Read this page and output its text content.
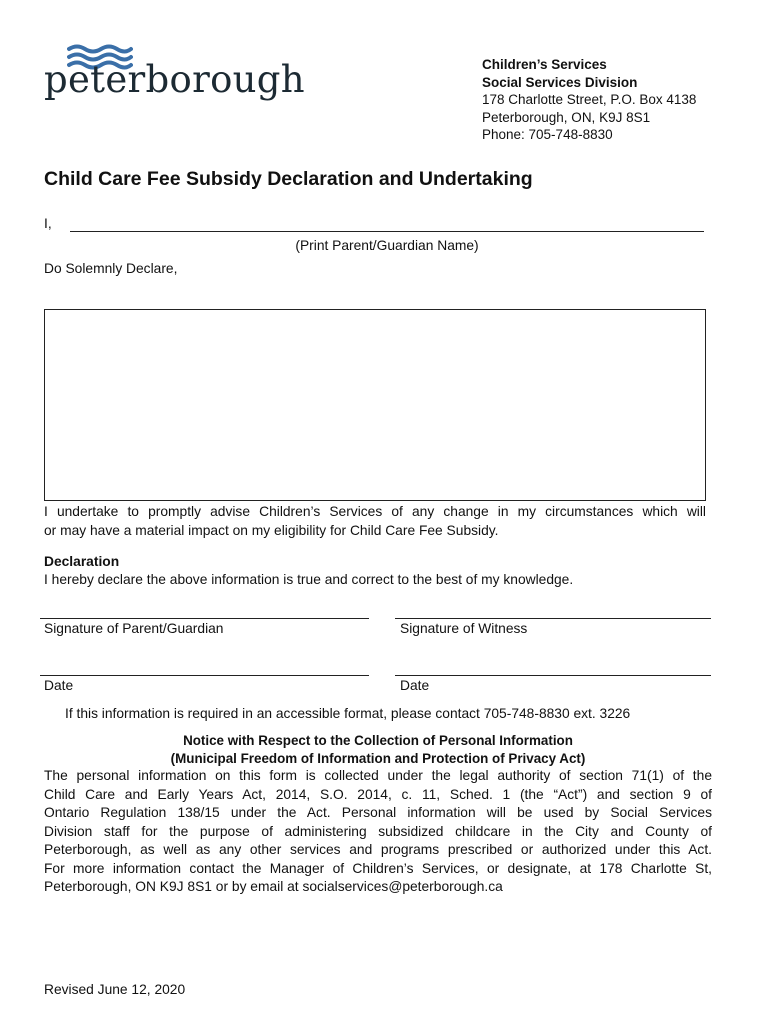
peterborough	Children’s Services
Social Services Division
178 Charlotte Street, P.O. Box 4138
Peterborough, ON, K9J 8S1
Phone: 705-748-8830
Child Care Fee Subsidy Declaration and Undertaking
I,
(Print Parent/Guardian Name)
Do Solemnly Declare,
I undertake to promptly advise Children’s Services of any change in my circumstances which will
or may have a material impact on my eligibility for Child Care Fee Subsidy.
Declaration
I hereby declare the above information is true and correct to the best of my knowledge.
Signature of Parent/Guardian	Signature of Witness
Date	Date
If this information is required in an accessible format, please contact 705-748-8830 ext. 3226
Notice with Respect to the Collection of Personal Information
(Municipal Freedom of Information and Protection of Privacy Act)
The personal information on this form is collected under the legal authority of section 71(1) of the
Child Care and Early Years Act, 2014, S.O. 2014, c. 11, Sched. 1 (the “Act”) and section 9 of
Ontario Regulation 138/15 under the Act. Personal information will be used by Social Services
Division staff for the purpose of administering subsidized childcare in the City and County of
Peterborough, as well as any other services and programs prescribed or authorized under this Act.
For more information contact the Manager of Children’s Services, or designate, at 178 Charlotte St,
Peterborough, ON K9J 8S1 or by email at socialservices@peterborough.ca
Revised June 12, 2020
